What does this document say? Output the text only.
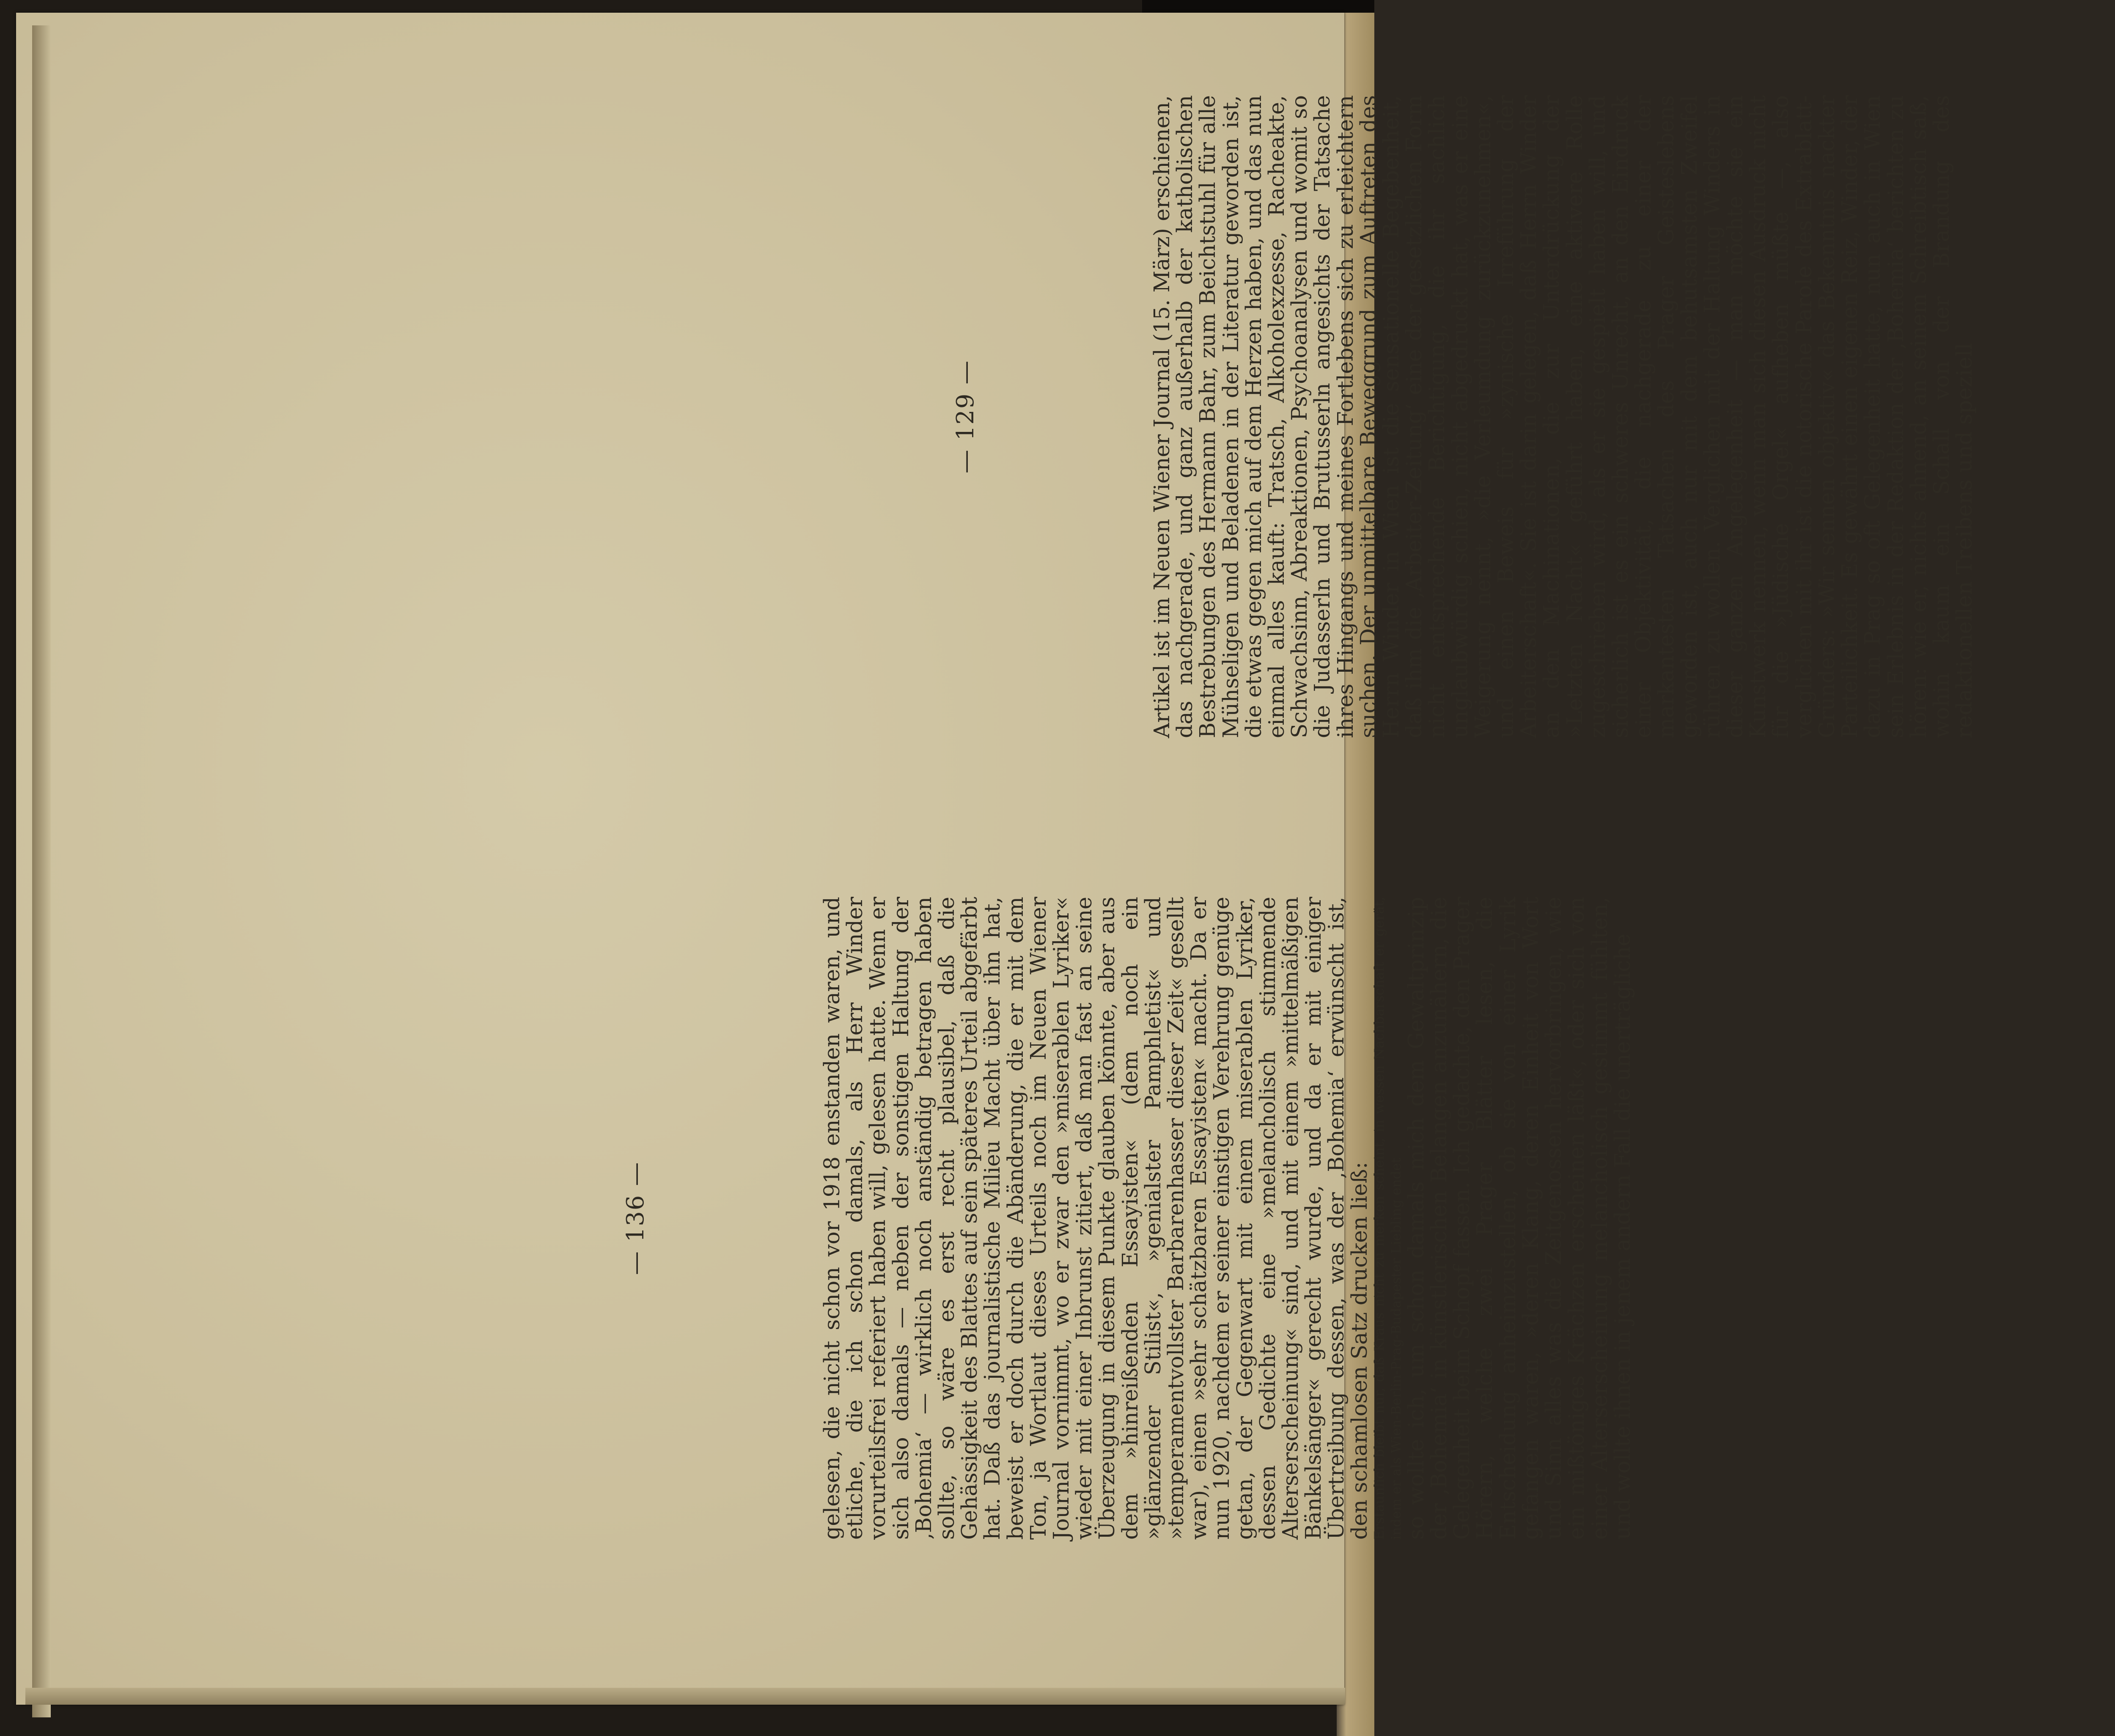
— 136 —	gelesen, die nicht schon vor 1918 enstanden waren, und etliche, die ich schon damals, als Herr Winder vorurteilsfrei referiert haben will, gelesen hatte. Wenn er sich also damals — neben der sonstigen Haltung der ‚Bohemia‘ — wirklich noch anständig betragen haben sollte, so wäre es erst recht plausibel, daß die Gehässigkeit des Blattes auf sein späteres Urteil abgefärbt hat. Daß das journalistische Milieu Macht über ihn hat, beweist er doch durch die Abänderung, die er mit dem Ton, ja Wortlaut dieses Urteils noch im Neuen Wiener Journal vornimmt, wo er zwar den »miserablen Lyriker« wieder mit einer Inbrunst zitiert, daß man fast an seine Überzeugung in diesem Punkte glauben könnte, aber aus dem »hinreißenden Essayisten« (dem noch ein »glänzender Stilist«, »genialster Pamphletist« und »temperamentvollster Barbarenhasser dieser Zeit« gesellt war), einen »sehr schätzbaren Essayisten« macht. Da er nun 1920, nachdem er seiner einstigen Verehrung genüge getan, der Gegenwart mit einem miserablen Lyriker, dessen Gedichte eine »melancholisch stimmende Alterserscheinung« sind, und mit einem »mittelmäßigen Bänkelsänger« gerecht wurde, und da er mit einiger Übertreibung dessen, was der ‚Bohemia‘ erwünscht ist, den schamlosen Satz drucken ließ: Erstaunlich bleibt nur, daß Kraus nicht zu merken scheint, in wessen Nachbarschaft er gerät, indem er als Wien-Berlin-Prag-Budapester Liebling endet so wollte ich, um schon damals mich dem Gewaltprinzip der ‚Bohemia‘ in künstlerischen Belangen anzunähern, die Gelegenheit beim Schopf fassen. Ich gedachte, den Prager Hörern, welche zwei Prager Blätter lesen, die Entscheidung anheimzustellen, ob sie von einer Lyrik gefangen waren, »deren Klang, deren Einheit von Wort und Sinn alles was die Zeitgenossen hervorbringen, wie ein mißtöniges Krächzen erscheinen läßt«, oder sich von einer Alterserscheinung melancholisch gestimmt fühlten, und wollte ihnen in jenem andern Fall die unerträgliche

— 129 —	Artikel ist im Neuen Wiener Journal (15. März) erschienen, das nachgerade, und ganz außerhalb der katholischen Bestrebungen des Hermann Bahr, zum Beichtstuhl für alle Mühseligen und Beladenen in der Literatur geworden ist, die etwas gegen mich auf dem Herzen haben, und das nun einmal alles kauft: Tratsch, Alkoholexzesse, Racheakte, Schwachsinn, Abreaktionen, Psychoanalysen und womit so die Judasserln und Brutusserln angesichts der Tatsache ihres Hingangs und meines Fortlebens sich zu erleichtern suchen. Der unmittelbare Beweggrund zum Auftreten des Herrn Winder in Wien ist die sensationelle Begebenheit, daß ihm die ‚Arbeiter-Zeitung‘ eine der gesetzlichen Form nicht entsprechende Berichtigung, die ihr sachlich unglaubwürdig schien, nicht abgedruckt hat, was er eine Weigerung nennt, »die Verleumdung zurückzunehmen«, und einen Beweis für »zynische Irreführung der Arbeiterschaft«. Sie ist darin gelegen, daß Herrn Winder an den Machinationen, die zur Unterdrückung der »Letzten Nacht« geführt haben, eine aktivere Rolle zugeschrieben wird, als er sie gespielt haben will, und sicherlich ist es ein schweres Unrecht, an den Eindruck einer Objektivität, die nachgerade zu einer der markantesten Tatsachen des Prager Geisteslebens geworden ist, auch nur mit dem behutsamsten Zweifel rühren zu wollen. Verglichen mit der Haltung Winders in dieser ganzen Angelegenheit — man möchte sie ein Kunstwerk nennen, wenn man sich diesen Ausdruck nicht für die »Jüdische Orgel« aufheben müßte —, also verglichen mit ihr ist die notorische Parole des Extrablatt-Gründers: »Wir sennen objektiv« das Bekenntnis nackter Parteilichkeit. Es gewährt einen eigenen Reiz, Winder, der dazu in Prag so oft Gelegenheit hatte, nun auch in Wien sein Erlebnis in der Redaktion der ‚Bohemia‘ berichten zu hören: wie er, nichts ahnend, an seinem Schreibtisch saß, wohin kaum ein Schall von der Brandung des redaktionellen Treibens und speziell
